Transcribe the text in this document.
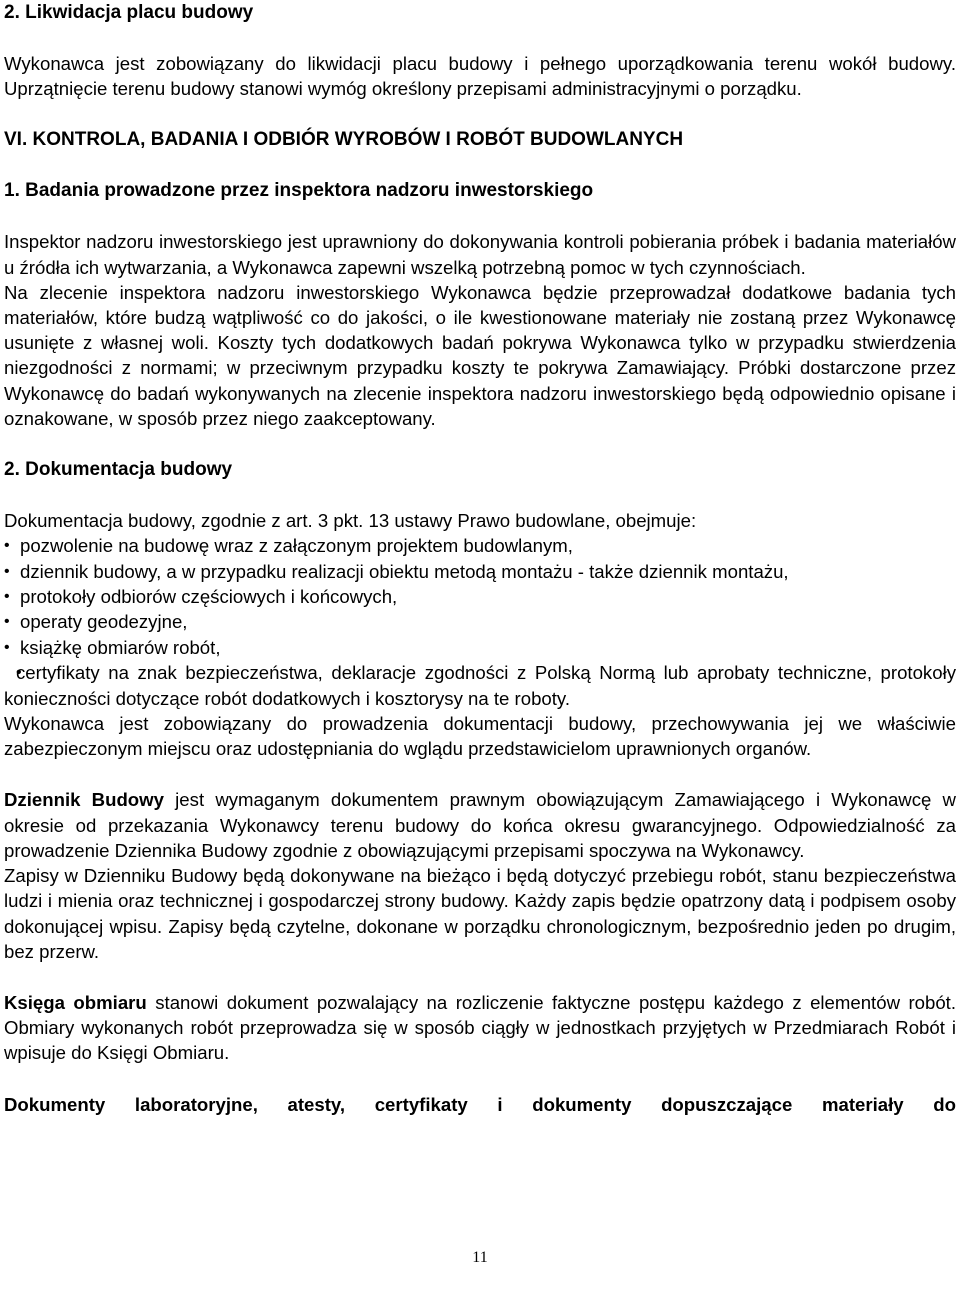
2. Likwidacja placu budowy

Wykonawca jest zobowiązany do likwidacji placu budowy i pełnego uporządkowania terenu wokół budowy. Uprzątnięcie terenu budowy stanowi wymóg określony przepisami administracyjnymi o porządku.

VI. KONTROLA, BADANIA I ODBIÓR WYROBÓW I ROBÓT BUDOWLANYCH

1. Badania prowadzone przez inspektora nadzoru inwestorskiego

Inspektor nadzoru inwestorskiego jest uprawniony do dokonywania kontroli pobierania próbek i badania materiałów u źródła ich wytwarzania, a Wykonawca zapewni wszelką potrzebną pomoc w tych czynnościach.

Na zlecenie inspektora nadzoru inwestorskiego Wykonawca będzie przeprowadzał dodatkowe badania tych materiałów, które budzą wątpliwość co do jakości, o ile kwestionowane materiały nie zostaną przez Wykonawcę usunięte z własnej woli. Koszty tych dodatkowych badań pokrywa Wykonawca tylko w przypadku stwierdzenia niezgodności z normami; w przeciwnym przypadku koszty te pokrywa Zamawiający. Próbki dostarczone przez Wykonawcę do badań wykonywanych na zlecenie inspektora nadzoru inwestorskiego będą odpowiednio opisane i oznakowane, w sposób przez niego zaakceptowany.

2. Dokumentacja budowy

Dokumentacja budowy, zgodnie z art. 3 pkt. 13 ustawy Prawo budowlane, obejmuje:

• pozwolenie na budowę wraz z załączonym projektem budowlanym,
• dziennik budowy, a w przypadku realizacji obiektu metodą montażu - także dziennik montażu,
• protokoły odbiorów częściowych i końcowych,
• operaty geodezyjne,
• książkę obmiarów robót,
• certyfikaty na znak bezpieczeństwa, deklaracje zgodności z Polską Normą lub aprobaty techniczne, protokoły konieczności dotyczące robót dodatkowych i kosztorysy na te roboty.

Wykonawca jest zobowiązany do prowadzenia dokumentacji budowy, przechowywania jej we właściwie zabezpieczonym miejscu oraz udostępniania do wglądu przedstawicielom uprawnionych organów.

Dziennik Budowy jest wymaganym dokumentem prawnym obowiązującym Zamawiającego i Wykonawcę w okresie od przekazania Wykonawcy terenu budowy do końca okresu gwarancyjnego. Odpowiedzialność za prowadzenie Dziennika Budowy zgodnie z obowiązującymi przepisami spoczywa na Wykonawcy.

Zapisy w Dzienniku Budowy będą dokonywane na bieżąco i będą dotyczyć przebiegu robót, stanu bezpieczeństwa ludzi i mienia oraz technicznej i gospodarczej strony budowy. Każdy zapis będzie opatrzony datą i podpisem osoby dokonującej wpisu. Zapisy będą czytelne, dokonane w porządku chronologicznym, bezpośrednio jeden po drugim, bez przerw.

Księga obmiaru stanowi dokument pozwalający na rozliczenie faktyczne postępu każdego z elementów robót. Obmiary wykonanych robót przeprowadza się w sposób ciągły w jednostkach przyjętych w Przedmiarach Robót i wpisuje do Księgi Obmiaru.

Dokumenty laboratoryjne, atesty, certyfikaty i dokumenty dopuszczające materiały do

11
